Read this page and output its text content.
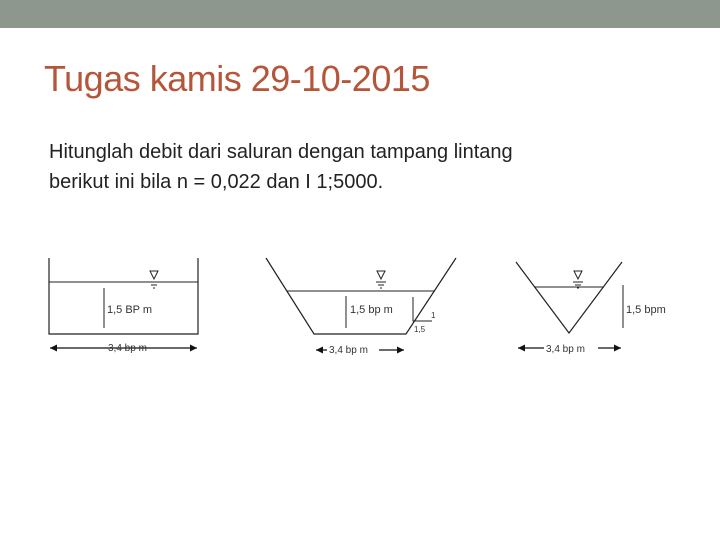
Tugas kamis 29-10-2015
Hitunglah debit dari saluran dengan tampang lintang
berikut ini bila n = 0,022 dan I 1;5000.
1,5 BP m
3,4 bp m
1,5 bp m	1
1,5
3,4 bp m
1,5 bpm
3,4 bp m
